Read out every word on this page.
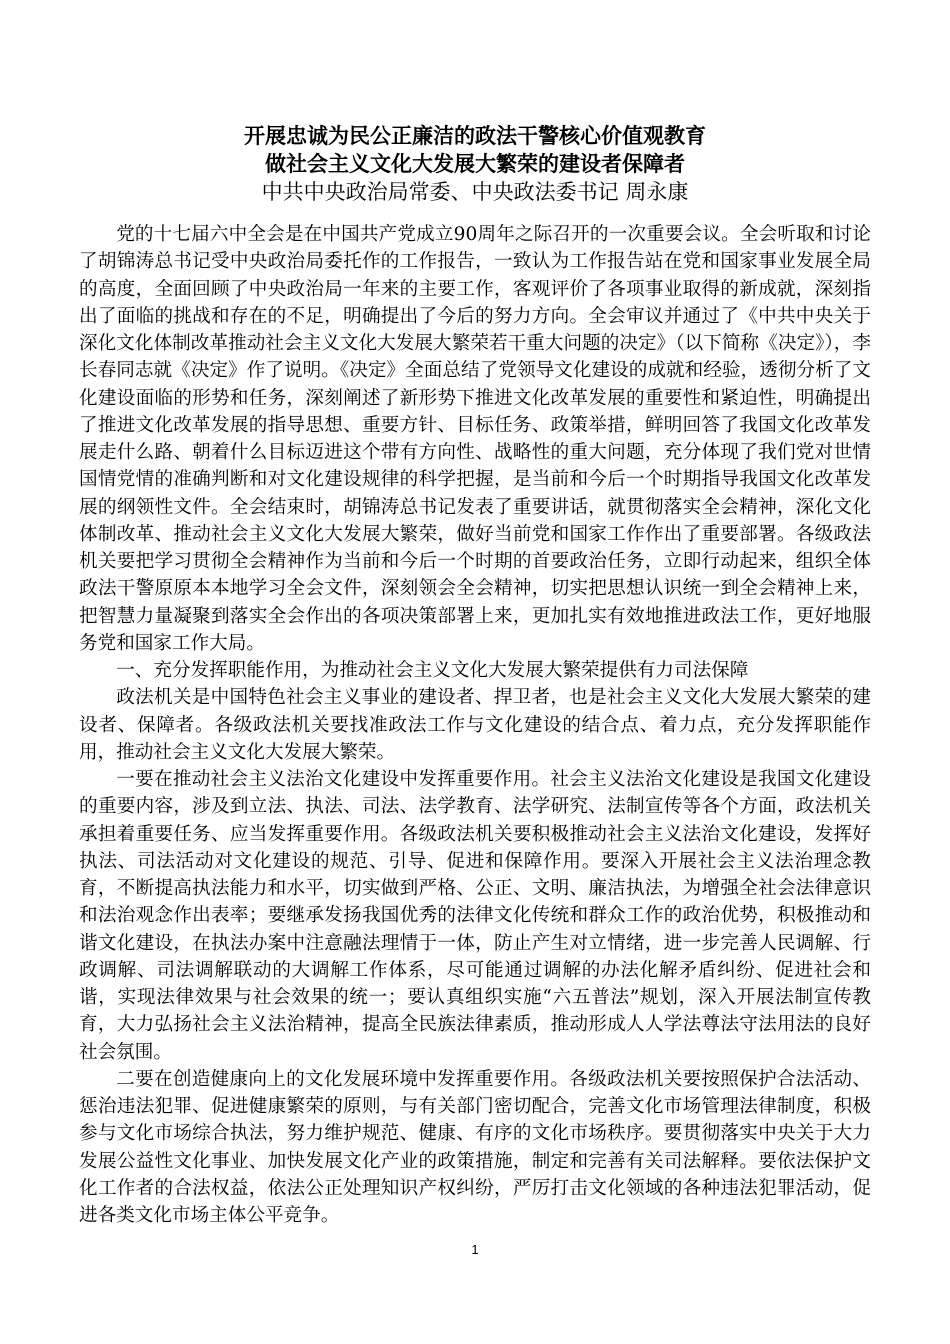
开展忠诚为民公正廉洁的政法干警核心价值观教育
做社会主义文化大发展大繁荣的建设者保障者
中共中央政治局常委、中央政法委书记 周永康

党的十七届六中全会是在中国共产党成立90周年之际召开的一次重要会议。全会听取和讨论了胡锦涛总书记受中央政治局委托作的工作报告，一致认为工作报告站在党和国家事业发展全局的高度，全面回顾了中央政治局一年来的主要工作，客观评价了各项事业取得的新成就，深刻指出了面临的挑战和存在的不足，明确提出了今后的努力方向。全会审议并通过了《中共中央关于深化文化体制改革推动社会主义文化大发展大繁荣若干重大问题的决定》（以下简称《决定》），李长春同志就《决定》作了说明。《决定》全面总结了党领导文化建设的成就和经验，透彻分析了文化建设面临的形势和任务，深刻阐述了新形势下推进文化改革发展的重要性和紧迫性，明确提出了推进文化改革发展的指导思想、重要方针、目标任务、政策举措，鲜明回答了我国文化改革发展走什么路、朝着什么目标迈进这个带有方向性、战略性的重大问题，充分体现了我们党对世情国情党情的准确判断和对文化建设规律的科学把握，是当前和今后一个时期指导我国文化改革发展的纲领性文件。全会结束时，胡锦涛总书记发表了重要讲话，就贯彻落实全会精神，深化文化体制改革、推动社会主义文化大发展大繁荣，做好当前党和国家工作作出了重要部署。各级政法机关要把学习贯彻全会精神作为当前和今后一个时期的首要政治任务，立即行动起来，组织全体政法干警原原本本地学习全会文件，深刻领会全会精神，切实把思想认识统一到全会精神上来，把智慧力量凝聚到落实全会作出的各项决策部署上来，更加扎实有效地推进政法工作，更好地服务党和国家工作大局。

一、充分发挥职能作用，为推动社会主义文化大发展大繁荣提供有力司法保障

政法机关是中国特色社会主义事业的建设者、捍卫者，也是社会主义文化大发展大繁荣的建设者、保障者。各级政法机关要找准政法工作与文化建设的结合点、着力点，充分发挥职能作用，推动社会主义文化大发展大繁荣。

一要在推动社会主义法治文化建设中发挥重要作用。社会主义法治文化建设是我国文化建设的重要内容，涉及到立法、执法、司法、法学教育、法学研究、法制宣传等各个方面，政法机关承担着重要任务、应当发挥重要作用。各级政法机关要积极推动社会主义法治文化建设，发挥好执法、司法活动对文化建设的规范、引导、促进和保障作用。要深入开展社会主义法治理念教育，不断提高执法能力和水平，切实做到严格、公正、文明、廉洁执法，为增强全社会法律意识和法治观念作出表率；要继承发扬我国优秀的法律文化传统和群众工作的政治优势，积极推动和谐文化建设，在执法办案中注意融法理情于一体，防止产生对立情绪，进一步完善人民调解、行政调解、司法调解联动的大调解工作体系，尽可能通过调解的办法化解矛盾纠纷、促进社会和谐，实现法律效果与社会效果的统一；要认真组织实施“六五普法”规划，深入开展法制宣传教育，大力弘扬社会主义法治精神，提高全民族法律素质，推动形成人人学法尊法守法用法的良好社会氛围。

二要在创造健康向上的文化发展环境中发挥重要作用。各级政法机关要按照保护合法活动、惩治违法犯罪、促进健康繁荣的原则，与有关部门密切配合，完善文化市场管理法律制度，积极参与文化市场综合执法，努力维护规范、健康、有序的文化市场秩序。要贯彻落实中央关于大力发展公益性文化事业、加快发展文化产业的政策措施，制定和完善有关司法解释。要依法保护文化工作者的合法权益，依法公正处理知识产权纠纷，严厉打击文化领域的各种违法犯罪活动，促进各类文化市场主体公平竞争。

1
